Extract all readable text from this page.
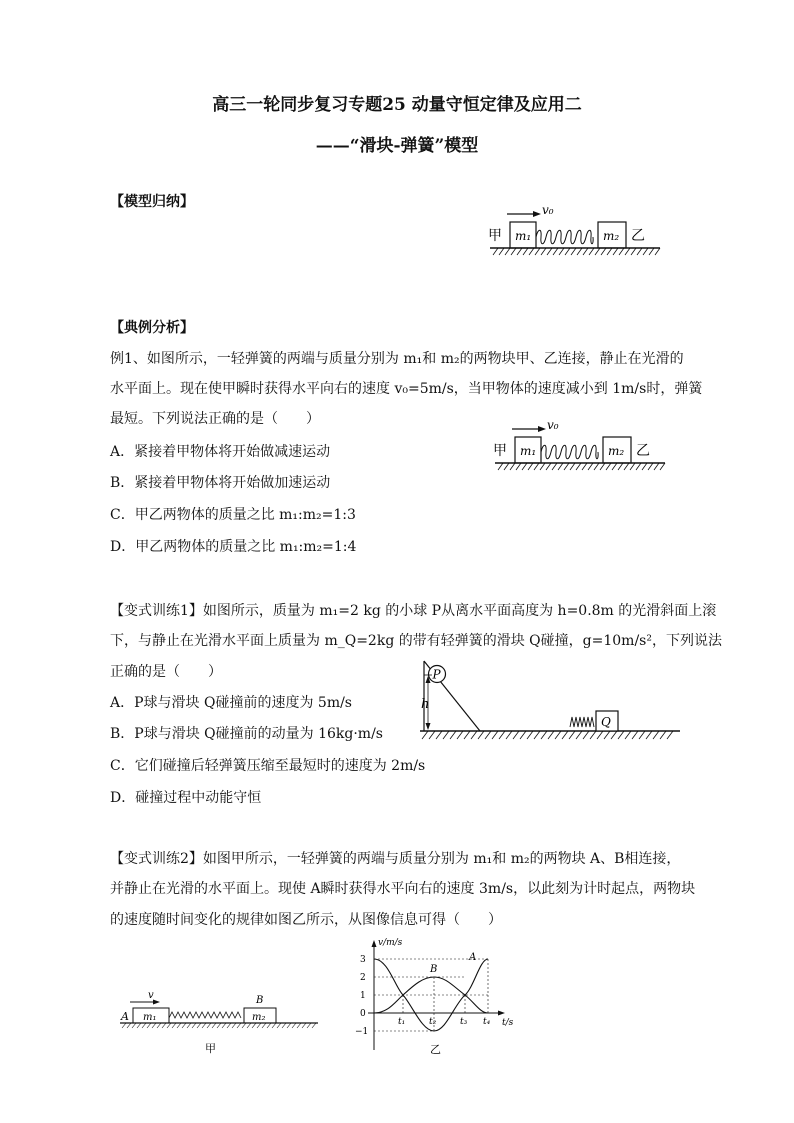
高三一轮同步复习专题25 动量守恒定律及应用二
——“滑块-弹簧”模型
【模型归纳】	v₀
甲 m₁	m₂ 乙
【典例分析】
例1、如图所示，一轻弹簧的两端与质量分别为 m₁和 m₂的两物块甲、乙连接，静止在光滑的
水平面上。现在使甲瞬时获得水平向右的速度 v₀=5m/s，当甲物体的速度减小到 1m/s时，弹簧
最短。下列说法正确的是（　　）
A．紧接着甲物体将开始做减速运动
B．紧接着甲物体将开始做加速运动
C．甲乙两物体的质量之比 m₁:m₂=1:3
D．甲乙两物体的质量之比 m₁:m₂=1:4
v₀
甲 m₁	m₂ 乙
【变式训练1】如图所示，质量为 m₁=2 kg 的小球 P从离水平面高度为 h=0.8m 的光滑斜面上滚
下，与静止在光滑水平面上质量为 m_Q=2kg 的带有轻弹簧的滑块 Q碰撞，g=10m/s²，下列说法
正确的是（　　）
A．P球与滑块 Q碰撞前的速度为 5m/s
B．P球与滑块 Q碰撞前的动量为 16kg·m/s
C．它们碰撞后轻弹簧压缩至最短时的速度为 2m/s
D．碰撞过程中动能守恒
P
h
Q
【变式训练2】如图甲所示，一轻弹簧的两端与质量分别为 m₁和 m₂的两物块 A、B相连接，
并静止在光滑的水平面上。现使 A瞬时获得水平向右的速度 3m/s，以此刻为计时起点，两物块
的速度随时间变化的规律如图乙所示，从图像信息可得（　　）
v
A m₁
B
m₂
甲
v/m/s
t/s
3
2
1
0
−1
t₁	t₂	t₃ t₄
B
A
乙
